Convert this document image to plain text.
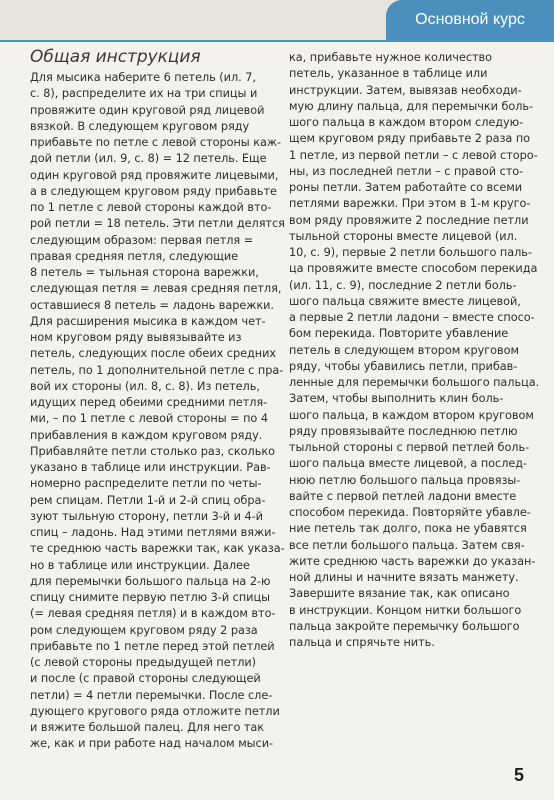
Основной курс
Общая инструкция
Для мысика наберите 6 петель (ил. 7,
с. 8), распределите их на три спицы и
провяжите один круговой ряд лицевой
вязкой. В следующем круговом ряду
прибавьте по петле с левой стороны каж-
дой петли (ил. 9, с. 8) = 12 петель. Еще
один круговой ряд провяжите лицевыми,
а в следующем круговом ряду прибавьте
по 1 петле с левой стороны каждой вто-
рой петли = 18 петель. Эти петли делятся
следующим образом: первая петля =
правая средняя петля, следующие
8 петель = тыльная сторона варежки,
следующая петля = левая средняя петля,
оставшиеся 8 петель = ладонь варежки.
Для расширения мысика в каждом чет-
ном круговом ряду вывязывайте из
петель, следующих после обеих средних
петель, по 1 дополнительной петле с пра-
вой их стороны (ил. 8, с. 8). Из петель,
идущих перед обеими средними петля-
ми, – по 1 петле с левой стороны = по 4
прибавления в каждом круговом ряду.
Прибавляйте петли столько раз, сколько
указано в таблице или инструкции. Рав-
номерно распределите петли по четы-
рем спицам. Петли 1-й и 2-й спиц обра-
зуют тыльную сторону, петли 3-й и 4-й
спиц – ладонь. Над этими петлями вяжи-
те среднюю часть варежки так, как указа-
но в таблице или инструкции. Далее
для перемычки большого пальца на 2-ю
спицу снимите первую петлю 3-й спицы
(= левая средняя петля) и в каждом вто-
ром следующем круговом ряду 2 раза
прибавьте по 1 петле перед этой петлей
(с левой стороны предыдущей петли)
и после (с правой стороны следующей
петли) = 4 петли перемычки. После сле-
дующего кругового ряда отложите петли
и вяжите большой палец. Для него так
же, как и при работе над началом мыси-
ка, прибавьте нужное количество
петель, указанное в таблице или
инструкции. Затем, вывязав необходи-
мую длину пальца, для перемычки боль-
шого пальца в каждом втором следую-
щем круговом ряду прибавьте 2 раза по
1 петле, из первой петли – с левой сторо-
ны, из последней петли – с правой сто-
роны петли. Затем работайте со всеми
петлями варежки. При этом в 1-м круго-
вом ряду провяжите 2 последние петли
тыльной стороны вместе лицевой (ил.
10, с. 9), первые 2 петли большого паль-
ца провяжите вместе способом перекида
(ил. 11, с. 9), последние 2 петли боль-
шого пальца свяжите вместе лицевой,
а первые 2 петли ладони – вместе спосо-
бом перекида. Повторите убавление
петель в следующем втором круговом
ряду, чтобы убавились петли, прибав-
ленные для перемычки большого пальца.
Затем, чтобы выполнить клин боль-
шого пальца, в каждом втором круговом
ряду провязывайте последнюю петлю
тыльной стороны с первой петлей боль-
шого пальца вместе лицевой, а послед-
нюю петлю большого пальца провязы-
вайте с первой петлей ладони вместе
способом перекида. Повторяйте убавле-
ние петель так долго, пока не убавятся
все петли большого пальца. Затем свя-
жите среднюю часть варежки до указан-
ной длины и начните вязать манжету.
Завершите вязание так, как описано
в инструкции. Концом нитки большого
пальца закройте перемычку большого
пальца и спрячьте нить.
5
